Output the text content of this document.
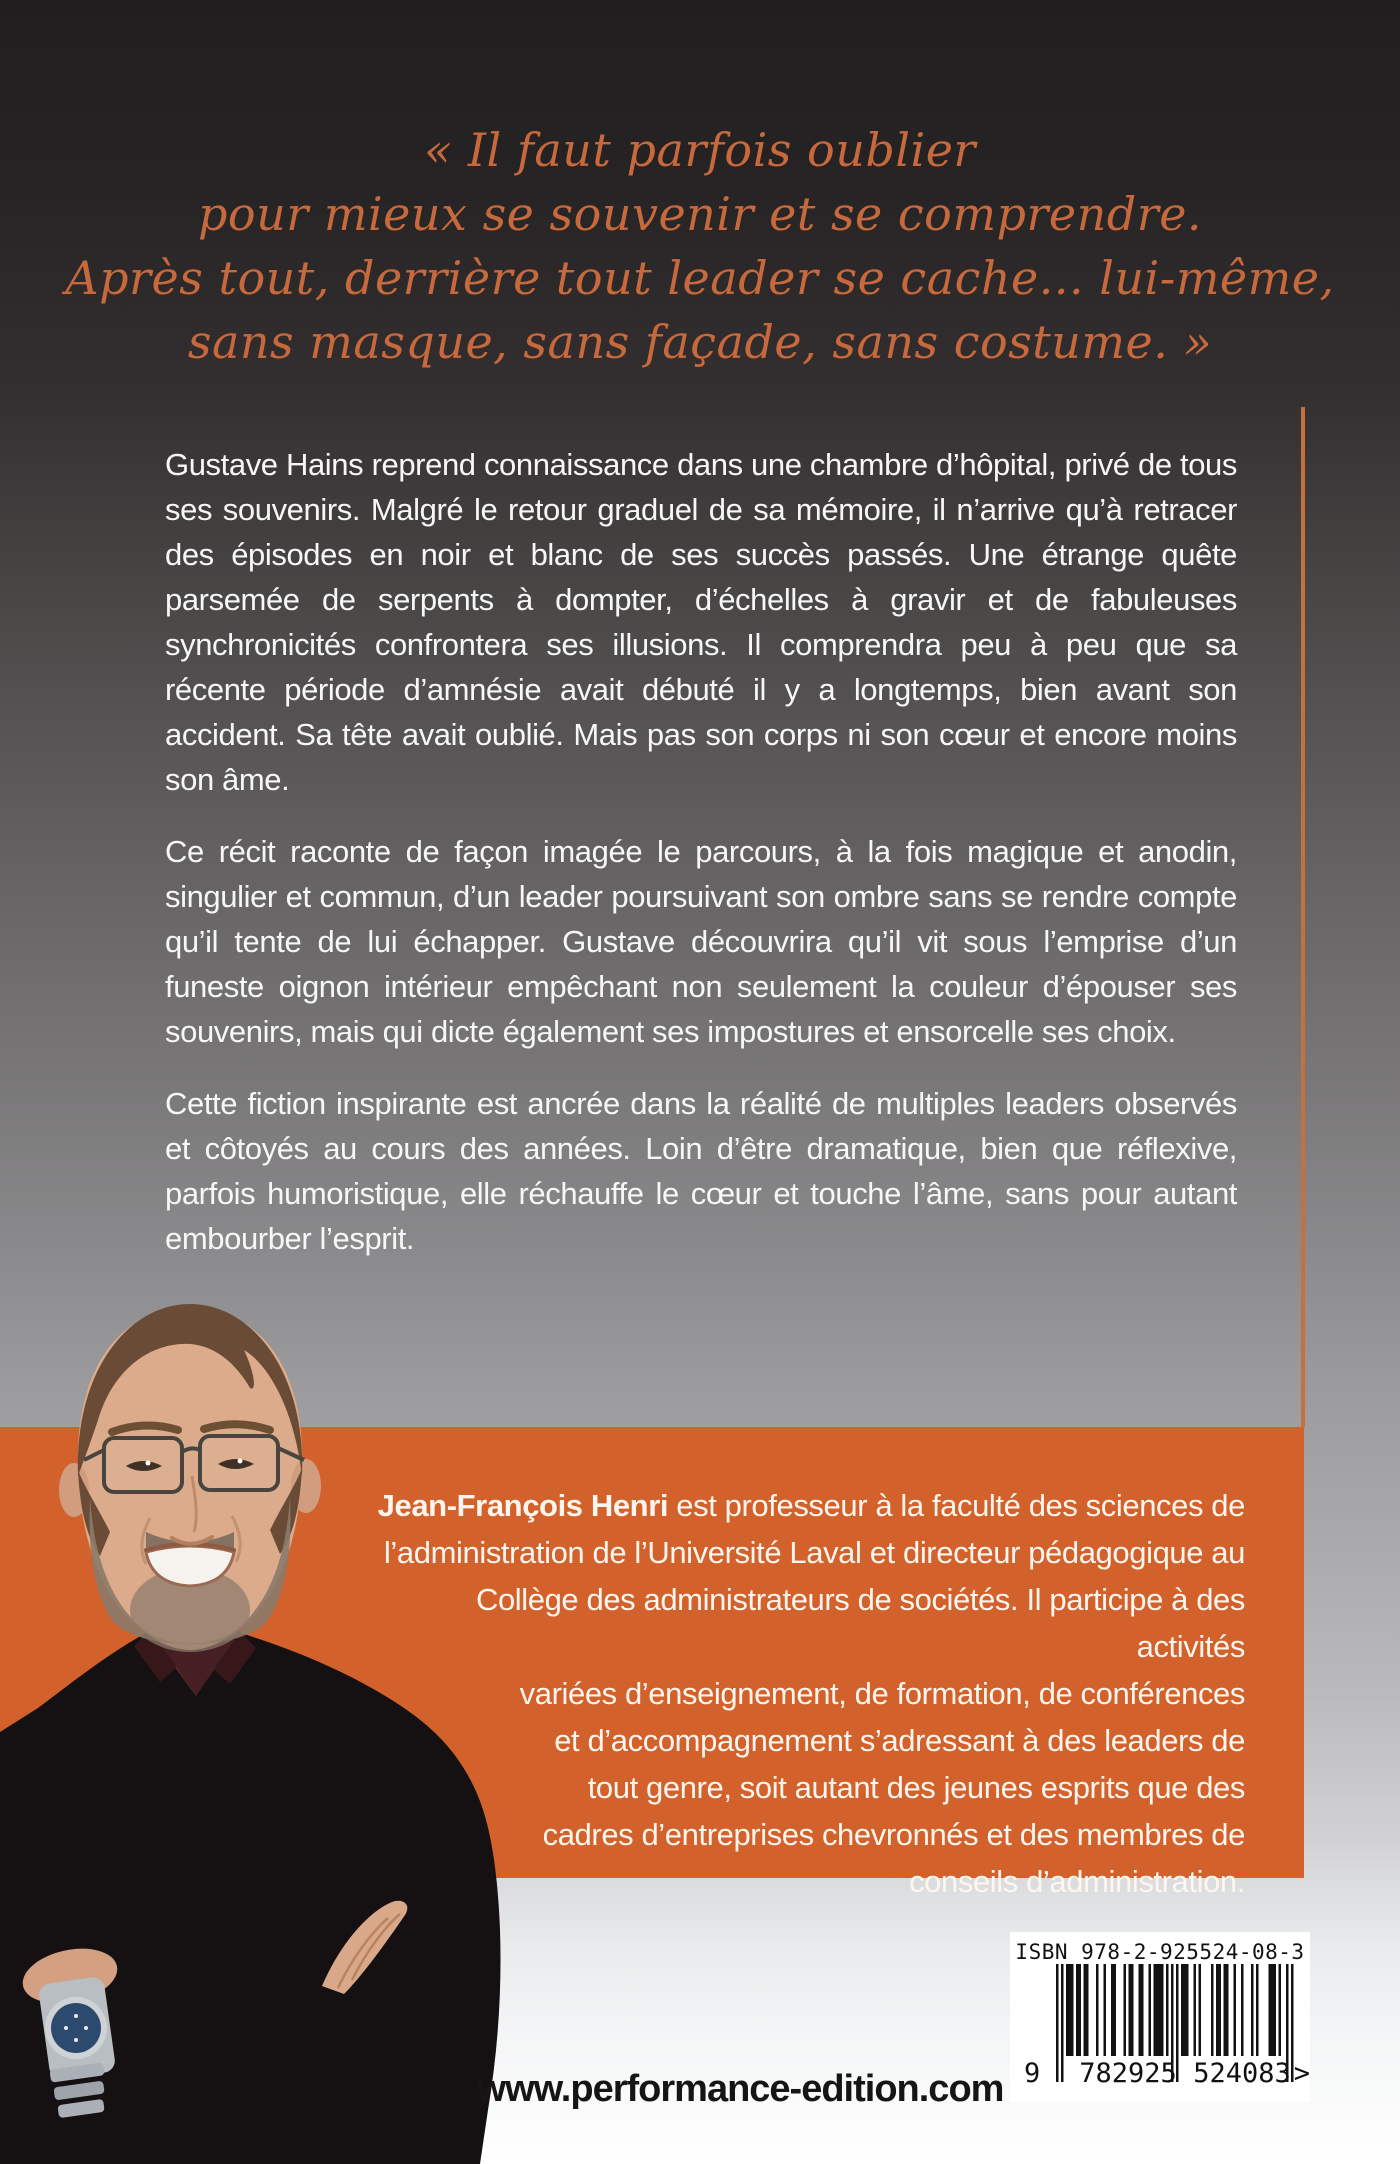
« Il faut parfois oublier
pour mieux se souvenir et se comprendre.
Après tout, derrière tout leader se cache... lui-même,
sans masque, sans façade, sans costume. »
Gustave Hains reprend connaissance dans une chambre d’hôpital, privé de tous ses souvenirs. Malgré le retour graduel de sa mémoire, il n’arrive qu’à retracer des épisodes en noir et blanc de ses succès passés. Une étrange quête parsemée de serpents à dompter, d’échelles à gravir et de fabuleuses synchronicités confrontera ses illusions. Il comprendra peu à peu que sa récente période d’amnésie avait débuté il y a longtemps, bien avant son accident. Sa tête avait oublié. Mais pas son corps ni son cœur et encore moins son âme.
Ce récit raconte de façon imagée le parcours, à la fois magique et anodin, singulier et commun, d’un leader poursuivant son ombre sans se rendre compte qu’il tente de lui échapper. Gustave découvrira qu’il vit sous l’emprise d’un funeste oignon intérieur empêchant non seulement la couleur d’épouser ses souvenirs, mais qui dicte également ses impostures et ensorcelle ses choix.
Cette fiction inspirante est ancrée dans la réalité de multiples leaders observés et côtoyés au cours des années. Loin d’être dramatique, bien que réflexive, parfois humoristique, elle réchauffe le cœur et touche l’âme, sans pour autant embourber l’esprit.
Jean-François Henri est professeur à la faculté des sciences de
l’administration de l’Université Laval et directeur pédagogique au
Collège des administrateurs de sociétés. Il participe à des activités
variées d’enseignement, de formation, de conférences
et d’accompagnement s’adressant à des leaders de
tout genre, soit autant des jeunes esprits que des
cadres d’entreprises chevronnés et des membres de
conseils d’administration.
ISBN 978-2-925524-08-3
9 782925 524083 >
www.performance-edition.com
